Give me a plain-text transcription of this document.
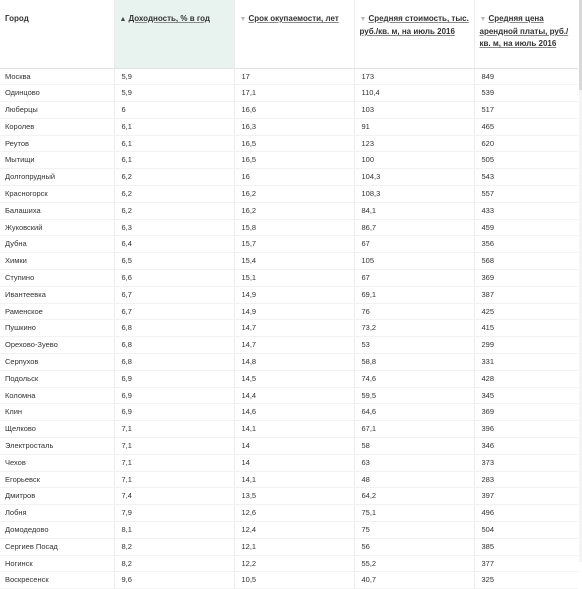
Город	▲ Доходность, % в год	▼ Срок окупаемости, лет	▼ Средняя стоимость, тыс. руб./кв. м, на июль 2016	▼ Средняя цена арендной платы, руб./ кв. м, на июль 2016
Москва	5,9	17	173	849
Одинцово	5,9	17,1	110,4	539
Люберцы	6	16,6	103	517
Королев	6,1	16,3	91	465
Реутов	6,1	16,5	123	620
Мытищи	6,1	16,5	100	505
Долгопрудный	6,2	16	104,3	543
Красногорск	6,2	16,2	108,3	557
Балашиха	6,2	16,2	84,1	433
Жуковский	6,3	15,8	86,7	459
Дубна	6,4	15,7	67	356
Химки	6,5	15,4	105	568
Ступино	6,6	15,1	67	369
Ивантеевка	6,7	14,9	69,1	387
Раменское	6,7	14,9	76	425
Пушкино	6,8	14,7	73,2	415
Орехово-Зуево	6,8	14,7	53	299
Серпухов	6,8	14,8	58,8	331
Подольск	6,9	14,5	74,6	428
Коломна	6,9	14,4	59,5	345
Клин	6,9	14,6	64,6	369
Щелково	7,1	14,1	67,1	396
Электросталь	7,1	14	58	346
Чехов	7,1	14	63	373
Егорьевск	7,1	14,1	48	283
Дмитров	7,4	13,5	64,2	397
Лобня	7,9	12,6	75,1	496
Домодедово	8,1	12,4	75	504
Сергиев Посад	8,2	12,1	56	385
Ногинск	8,2	12,2	55,2	377
Воскресенск	9,6	10,5	40,7	325
